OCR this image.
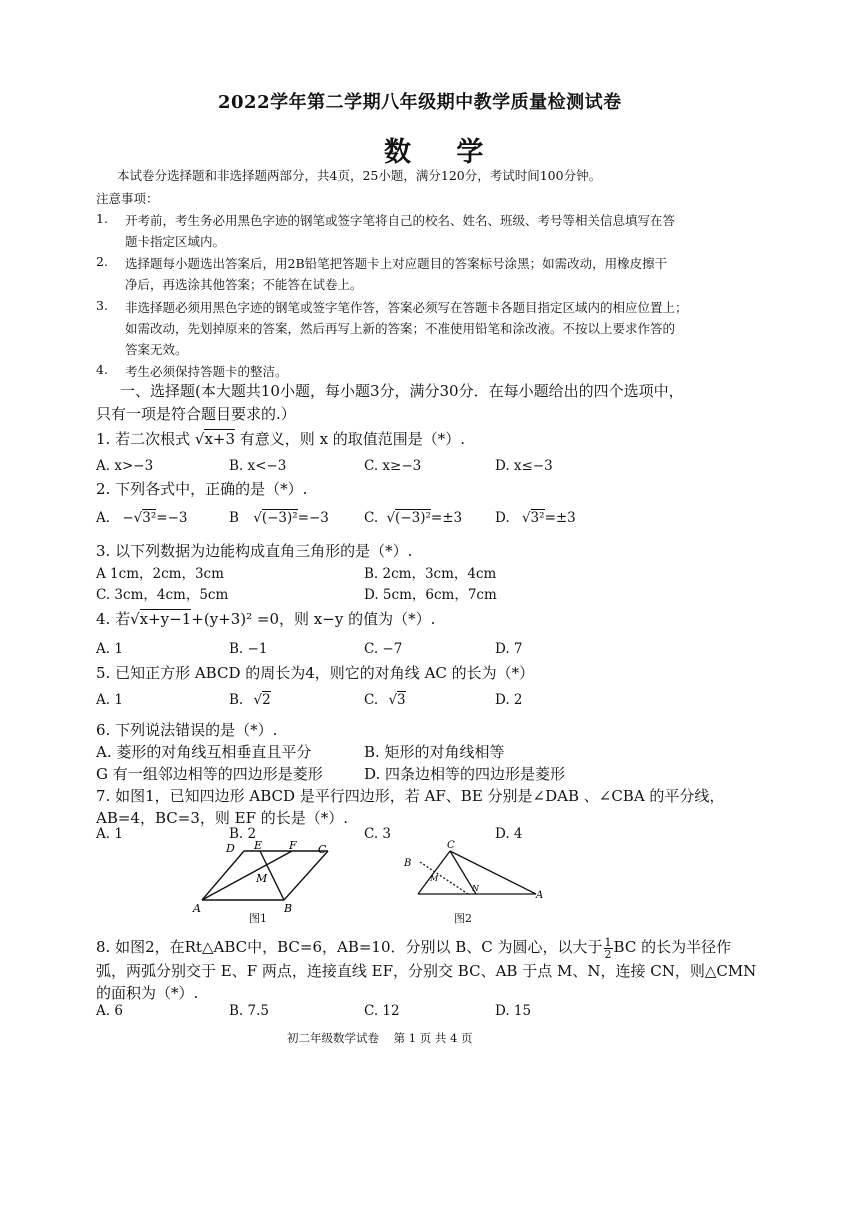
2022学年第二学期八年级期中教学质量检测试卷
数 学
本试卷分选择题和非选择题两部分，共4页，25小题，满分120分，考试时间100分钟。
注意事项：
1. 开考前，考生务必用黑色字迹的钢笔或签字笔将自己的校名、姓名、班级、考号等相关信息填写在答
题卡指定区域内。
2. 选择题每小题选出答案后，用2B铅笔把答题卡上对应题目的答案标号涂黑；如需改动，用橡皮擦干
净后，再选涂其他答案；不能答在试卷上。
3. 非选择题必须用黑色字迹的钢笔或签字笔作答，答案必须写在答题卡各题目指定区域内的相应位置上；
如需改动，先划掉原来的答案，然后再写上新的答案；不准使用铅笔和涂改液。不按以上要求作答的
答案无效。
4. 考生必须保持答题卡的整洁。
一、选择题(本大题共10小题，每小题3分，满分30分．在每小题给出的四个选项中，
只有一项是符合题目要求的.）
1. 若二次根式 √x+3 有意义，则 x 的取值范围是（*）.
A. x>−3	B. x<−3	C. x≥−3	D. x≤−3
2. 下列各式中，正确的是（*）.
A. −√3²=−3	B √(−3)²=−3	C. √(−3)²=±3 D. √3²=±3
3. 以下列数据为边能构成直角三角形的是（*）.
A 1cm，2cm，3cm	B. 2cm，3cm，4cm
C. 3cm，4cm，5cm	D. 5cm，6cm，7cm
4. 若√x+y−1+(y+3)² =0，则 x−y 的值为（*）.
A. 1	B. −1	C. −7	D. 7
5. 已知正方形 ABCD 的周长为4，则它的对角线 AC 的长为（*）
A. 1	B. √2	C. √3	D. 2
6. 下列说法错误的是（*）.
A. 菱形的对角线互相垂直且平分	B. 矩形的对角线相等
G 有一组邻边相等的四边形是菱形	D. 四条边相等的四边形是菱形
7. 如图1，已知四边形 ABCD 是平行四边形，若 AF、BE 分别是∠DAB 、∠CBA 的平分线，
AB=4，BC=3，则 EF 的长是（*）.
A. 1	B. 2	C. 3	D. 4
D E F C
M
A	B
图1
C
B
M
N
A
图2
8. 如图2，在Rt△ABC中，BC=6，AB=10．分别以 B、C 为圆心，以大于 $\frac{1}{2}$ BC 的长为半径作
弧，两弧分别交于 E、F 两点，连接直线 EF，分别交 BC、AB 于点 M、N，连接 CN，则△CMN
的面积为（*）.
A. 6	B. 7.5	C. 12	D. 15
初二年级数学试卷    第 1 页 共 4 页
